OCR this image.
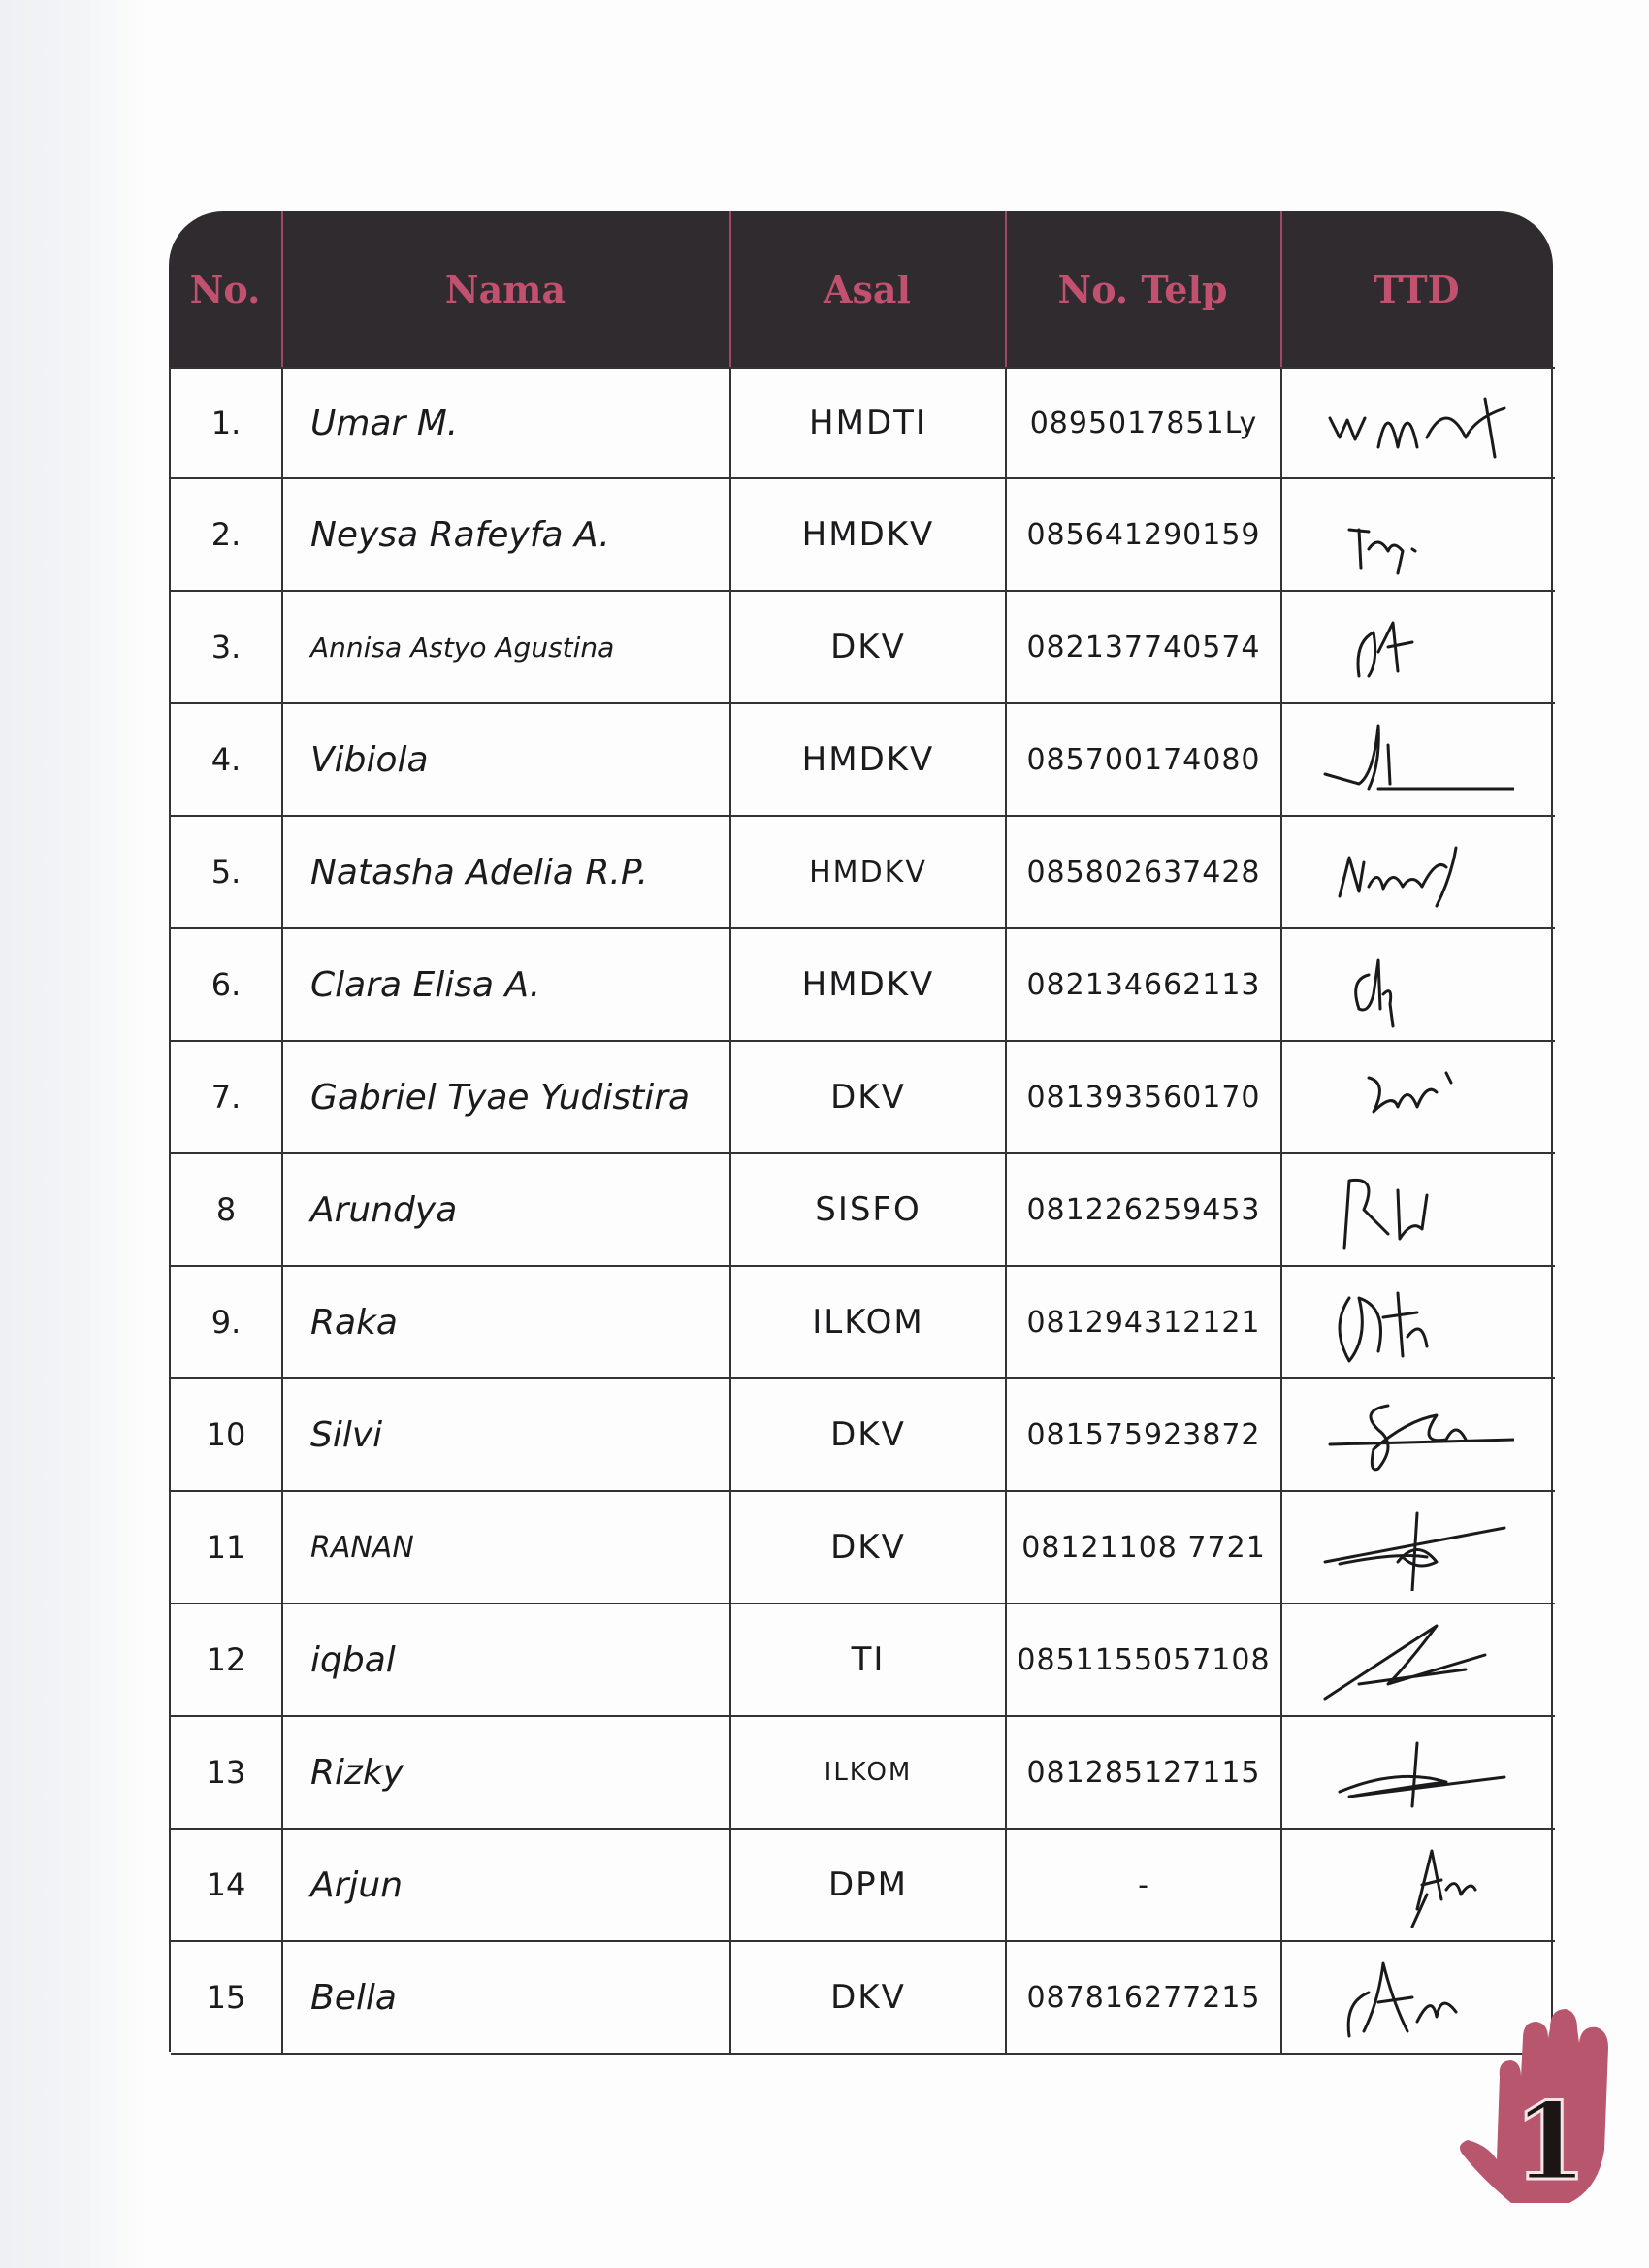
No.	Nama	Asal	No. Telp	TTD
1.	Umar M.	HMDTI	0895017851Ly
2.	Neysa Rafeyfa A.	HMDKV	085641290159
3.	Annisa Astyo Agustina	DKV	082137740574
4.	Vibiola	HMDKV	085700174080
5.	Natasha Adelia R.P.	HMDKV	085802637428
6.	Clara Elisa A.	HMDKV	082134662113
7.	Gabriel Tyae Yudistira	DKV	081393560170
8	Arundya	SISFO	081226259453
9.	Raka	ILKOM	081294312121
10	Silvi	DKV	081575923872
11	RANAN	DKV	08121108 7721
12	iqbal	TI	0851155057108
13	Rizky	ILKOM	081285127115
14	Arjun	DPM	-
15	Bella	DKV	087816277215
1
